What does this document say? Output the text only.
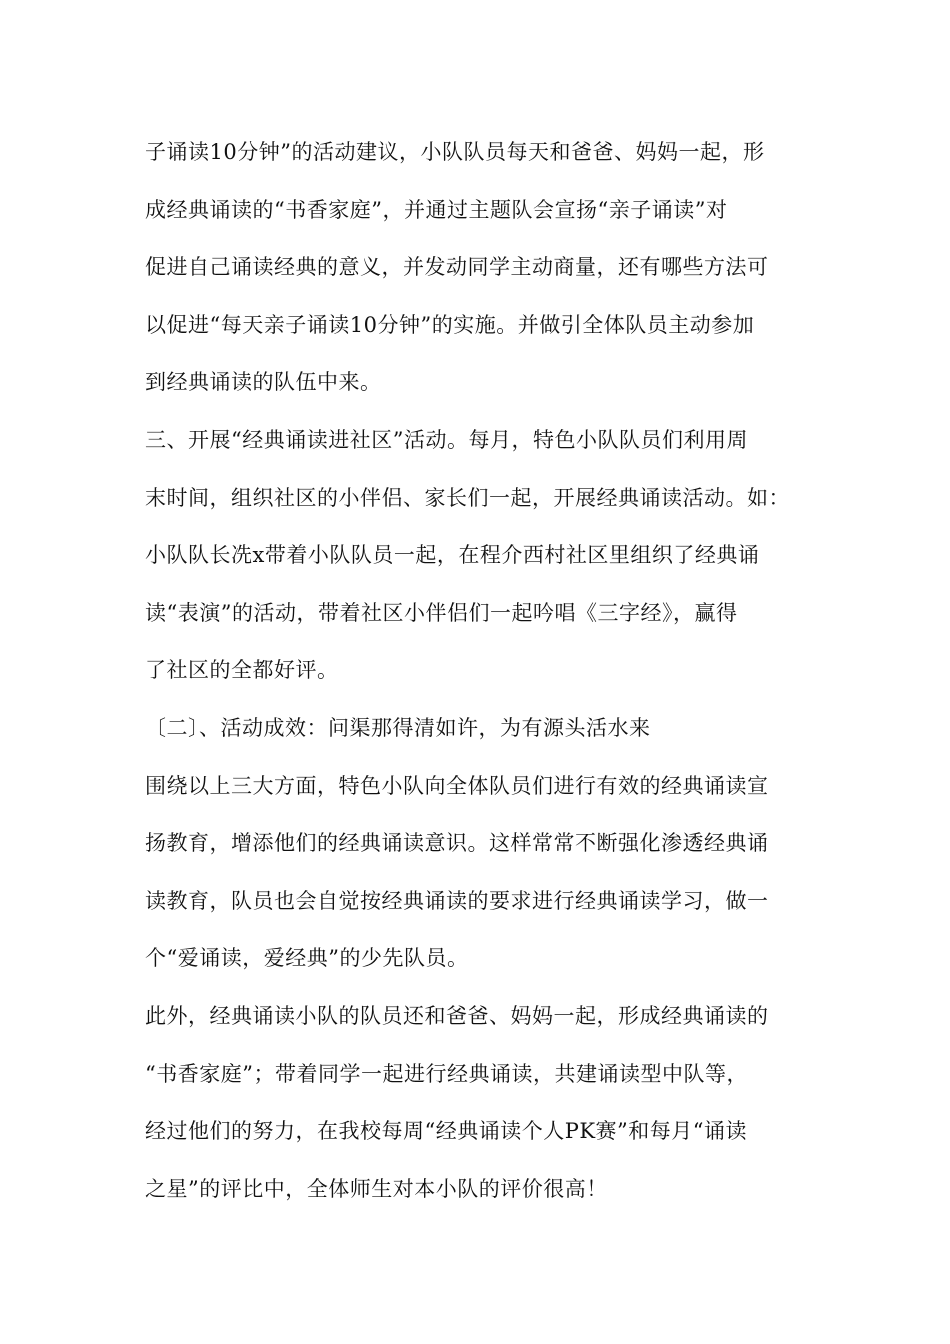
子诵读10分钟”的活动建议，小队队员每天和爸爸、妈妈一起，形
成经典诵读的“书香家庭”，并通过主题队会宣扬“亲子诵读”对
促进自己诵读经典的意义，并发动同学主动商量，还有哪些方法可
以促进“每天亲子诵读10分钟”的实施。并做引全体队员主动参加
到经典诵读的队伍中来。
三、开展“经典诵读进社区”活动。每月，特色小队队员们利用周
末时间，组织社区的小伴侣、家长们一起，开展经典诵读活动。如：
小队队长冼x带着小队队员一起，在程介西村社区里组织了经典诵
读“表演”的活动，带着社区小伴侣们一起吟唱《三字经》，赢得
了社区的全都好评。
〔二〕、活动成效：问渠那得清如许，为有源头活水来
围绕以上三大方面，特色小队向全体队员们进行有效的经典诵读宣
扬教育，增添他们的经典诵读意识。这样常常不断强化渗透经典诵
读教育，队员也会自觉按经典诵读的要求进行经典诵读学习，做一
个“爱诵读，爱经典”的少先队员。
此外，经典诵读小队的队员还和爸爸、妈妈一起，形成经典诵读的
“书香家庭”；带着同学一起进行经典诵读，共建诵读型中队等，
经过他们的努力，在我校每周“经典诵读个人PK赛”和每月“诵读
之星”的评比中，全体师生对本小队的评价很高！
